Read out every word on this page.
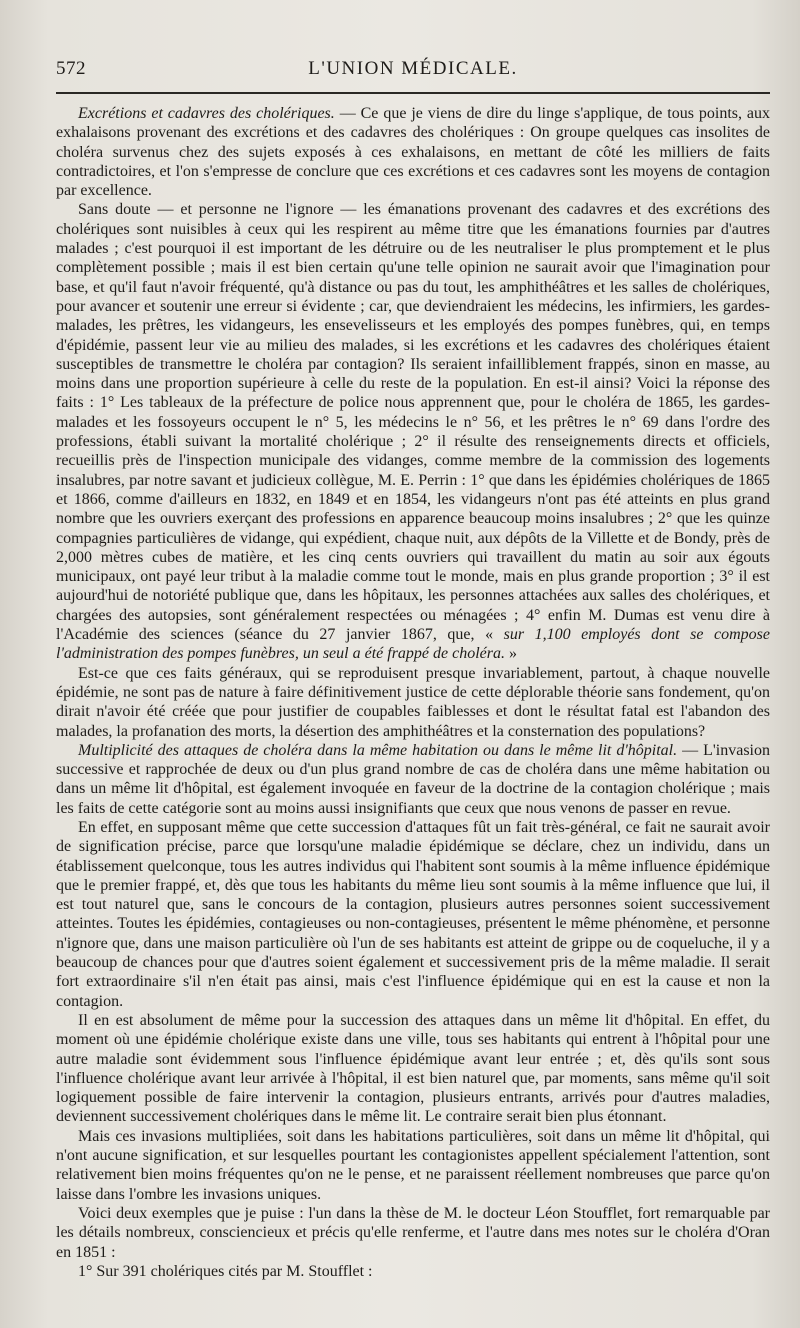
572	L'UNION MÉDICALE.

Excrétions et cadavres des cholériques. — Ce que je viens de dire du linge s'applique, de tous points, aux exhalaisons provenant des excrétions et des cadavres des cholériques : On groupe quelques cas insolites de choléra survenus chez des sujets exposés à ces exhalaisons, en mettant de côté les milliers de faits contradictoires, et l'on s'empresse de conclure que ces excrétions et ces cadavres sont les moyens de contagion par excellence.

Sans doute — et personne ne l'ignore — les émanations provenant des cadavres et des excrétions des cholériques sont nuisibles à ceux qui les respirent au même titre que les émanations fournies par d'autres malades ; c'est pourquoi il est important de les détruire ou de les neutraliser le plus promptement et le plus complètement possible ; mais il est bien certain qu'une telle opinion ne saurait avoir que l'imagination pour base, et qu'il faut n'avoir fréquenté, qu'à distance ou pas du tout, les amphithéâtres et les salles de cholériques, pour avancer et soutenir une erreur si évidente ; car, que deviendraient les médecins, les infirmiers, les gardes-malades, les prêtres, les vidangeurs, les ensevelisseurs et les employés des pompes funèbres, qui, en temps d'épidémie, passent leur vie au milieu des malades, si les excrétions et les cadavres des cholériques étaient susceptibles de transmettre le choléra par contagion? Ils seraient infailliblement frappés, sinon en masse, au moins dans une proportion supérieure à celle du reste de la population. En est-il ainsi? Voici la réponse des faits : 1° Les tableaux de la préfecture de police nous apprennent que, pour le choléra de 1865, les gardes-malades et les fossoyeurs occupent le n° 5, les médecins le n° 56, et les prêtres le n° 69 dans l'ordre des professions, établi suivant la mortalité cholérique ; 2° il résulte des renseignements directs et officiels, recueillis près de l'inspection municipale des vidanges, comme membre de la commission des logements insalubres, par notre savant et judicieux collègue, M. E. Perrin : 1° que dans les épidémies cholériques de 1865 et 1866, comme d'ailleurs en 1832, en 1849 et en 1854, les vidangeurs n'ont pas été atteints en plus grand nombre que les ouvriers exerçant des professions en apparence beaucoup moins insalubres ; 2° que les quinze compagnies particulières de vidange, qui expédient, chaque nuit, aux dépôts de la Villette et de Bondy, près de 2,000 mètres cubes de matière, et les cinq cents ouvriers qui travaillent du matin au soir aux égouts municipaux, ont payé leur tribut à la maladie comme tout le monde, mais en plus grande proportion ; 3° il est aujourd'hui de notoriété publique que, dans les hôpitaux, les personnes attachées aux salles des cholériques, et chargées des autopsies, sont généralement respectées ou ménagées ; 4° enfin M. Dumas est venu dire à l'Académie des sciences (séance du 27 janvier 1867, que, « sur 1,100 employés dont se compose l'administration des pompes funèbres, un seul a été frappé de choléra. »

Est-ce que ces faits généraux, qui se reproduisent presque invariablement, partout, à chaque nouvelle épidémie, ne sont pas de nature à faire définitivement justice de cette déplorable théorie sans fondement, qu'on dirait n'avoir été créée que pour justifier de coupables faiblesses et dont le résultat fatal est l'abandon des malades, la profanation des morts, la désertion des amphithéâtres et la consternation des populations?

Multiplicité des attaques de choléra dans la même habitation ou dans le même lit d'hôpital. — L'invasion successive et rapprochée de deux ou d'un plus grand nombre de cas de choléra dans une même habitation ou dans un même lit d'hôpital, est également invoquée en faveur de la doctrine de la contagion cholérique ; mais les faits de cette catégorie sont au moins aussi insignifiants que ceux que nous venons de passer en revue.

En effet, en supposant même que cette succession d'attaques fût un fait très-général, ce fait ne saurait avoir de signification précise, parce que lorsqu'une maladie épidémique se déclare, chez un individu, dans un établissement quelconque, tous les autres individus qui l'habitent sont soumis à la même influence épidémique que le premier frappé, et, dès que tous les habitants du même lieu sont soumis à la même influence que lui, il est tout naturel que, sans le concours de la contagion, plusieurs autres personnes soient successivement atteintes. Toutes les épidémies, contagieuses ou non-contagieuses, présentent le même phénomène, et personne n'ignore que, dans une maison particulière où l'un de ses habitants est atteint de grippe ou de coqueluche, il y a beaucoup de chances pour que d'autres soient également et successivement pris de la même maladie. Il serait fort extraordinaire s'il n'en était pas ainsi, mais c'est l'influence épidémique qui en est la cause et non la contagion.

Il en est absolument de même pour la succession des attaques dans un même lit d'hôpital. En effet, du moment où une épidémie cholérique existe dans une ville, tous ses habitants qui entrent à l'hôpital pour une autre maladie sont évidemment sous l'influence épidémique avant leur entrée ; et, dès qu'ils sont sous l'influence cholérique avant leur arrivée à l'hôpital, il est bien naturel que, par moments, sans même qu'il soit logiquement possible de faire intervenir la contagion, plusieurs entrants, arrivés pour d'autres maladies, deviennent successivement cholériques dans le même lit. Le contraire serait bien plus étonnant.

Mais ces invasions multipliées, soit dans les habitations particulières, soit dans un même lit d'hôpital, qui n'ont aucune signification, et sur lesquelles pourtant les contagionistes appellent spécialement l'attention, sont relativement bien moins fréquentes qu'on ne le pense, et ne paraissent réellement nombreuses que parce qu'on laisse dans l'ombre les invasions uniques.

Voici deux exemples que je puise : l'un dans la thèse de M. le docteur Léon Stoufflet, fort remarquable par les détails nombreux, consciencieux et précis qu'elle renferme, et l'autre dans mes notes sur le choléra d'Oran en 1851 :

1° Sur 391 cholériques cités par M. Stoufflet :
